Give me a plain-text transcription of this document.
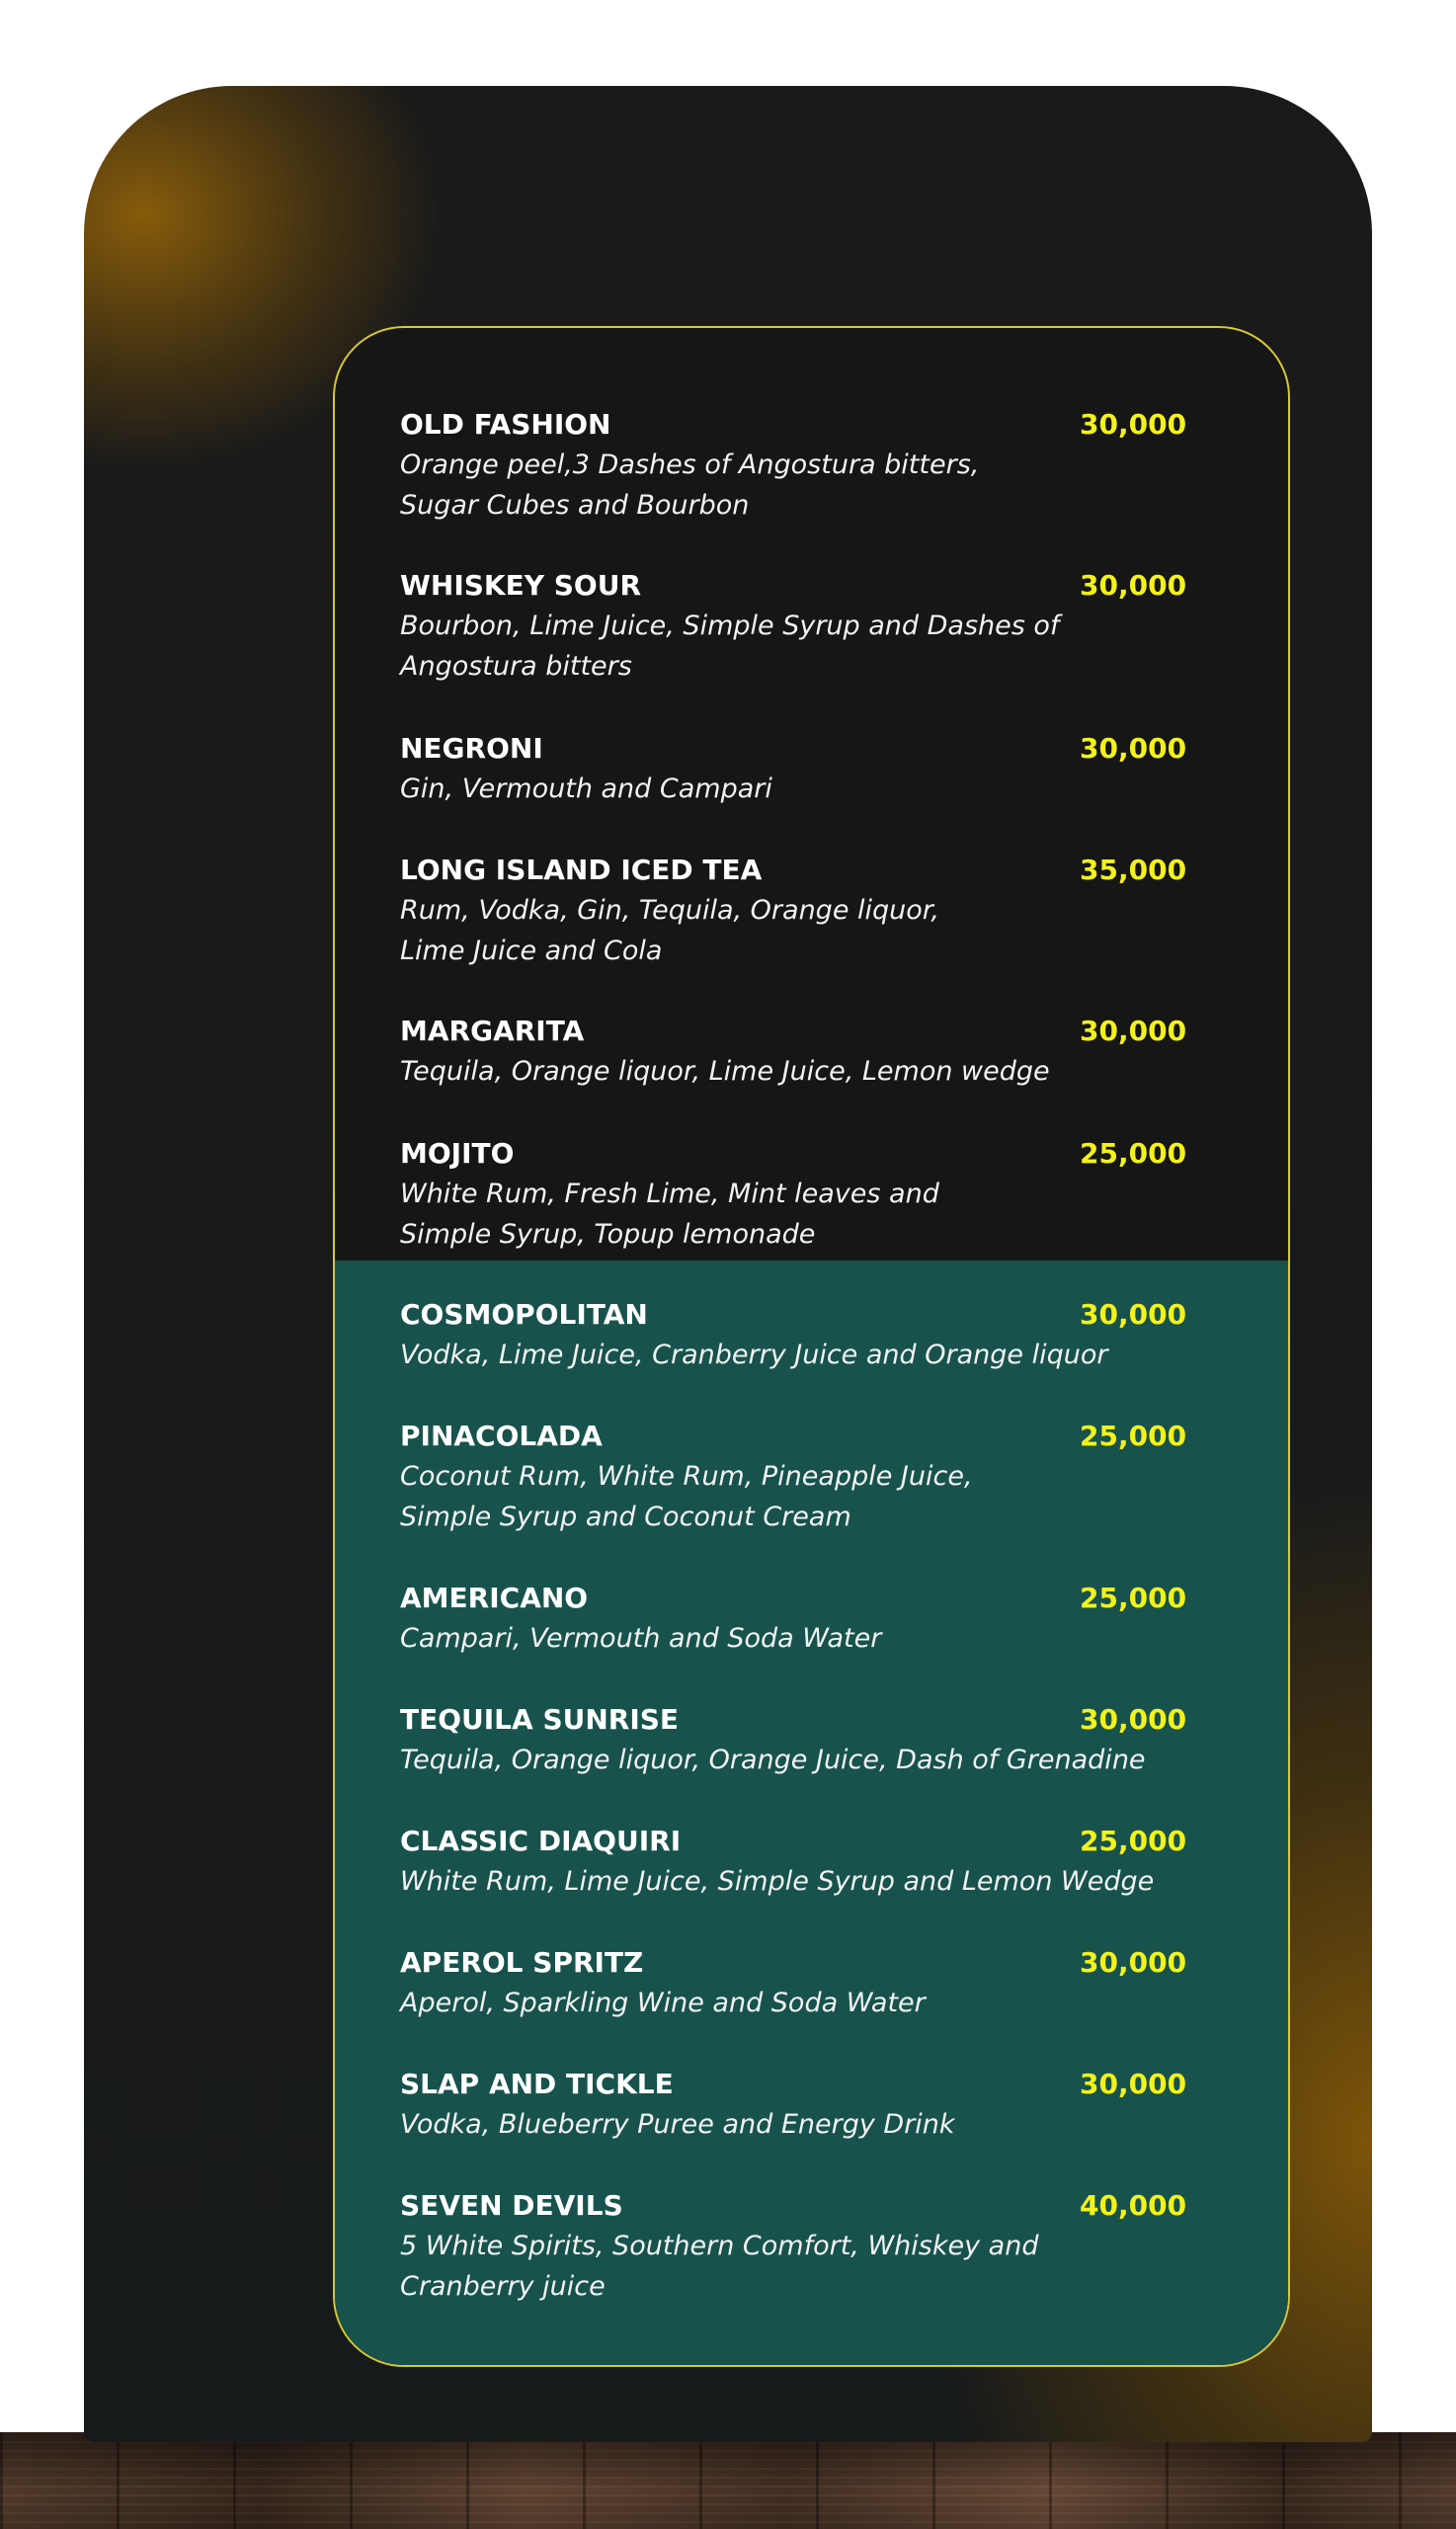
OLD FASHION	30,000
Orange peel,3 Dashes of Angostura bitters,
Sugar Cubes and Bourbon
WHISKEY SOUR	30,000
Bourbon, Lime Juice, Simple Syrup and Dashes of
Angostura bitters
NEGRONI	30,000
Gin, Vermouth and Campari
LONG ISLAND ICED TEA	35,000
Rum, Vodka, Gin, Tequila, Orange liquor,
Lime Juice and Cola
MARGARITA	30,000
Tequila, Orange liquor, Lime Juice, Lemon wedge
MOJITO	25,000
White Rum, Fresh Lime, Mint leaves and
Simple Syrup, Topup lemonade
COSMOPOLITAN	30,000
Vodka, Lime Juice, Cranberry Juice and Orange liquor
PINACOLADA	25,000
Coconut Rum, White Rum, Pineapple Juice,
Simple Syrup and Coconut Cream
AMERICANO	25,000
Campari, Vermouth and Soda Water
TEQUILA SUNRISE	30,000
Tequila, Orange liquor, Orange Juice, Dash of Grenadine
CLASSIC DIAQUIRI	25,000
White Rum, Lime Juice, Simple Syrup and Lemon Wedge
APEROL SPRITZ	30,000
Aperol, Sparkling Wine and Soda Water
SLAP AND TICKLE	30,000
Vodka, Blueberry Puree and Energy Drink
SEVEN DEVILS	40,000
5 White Spirits, Southern Comfort, Whiskey and
Cranberry juice
